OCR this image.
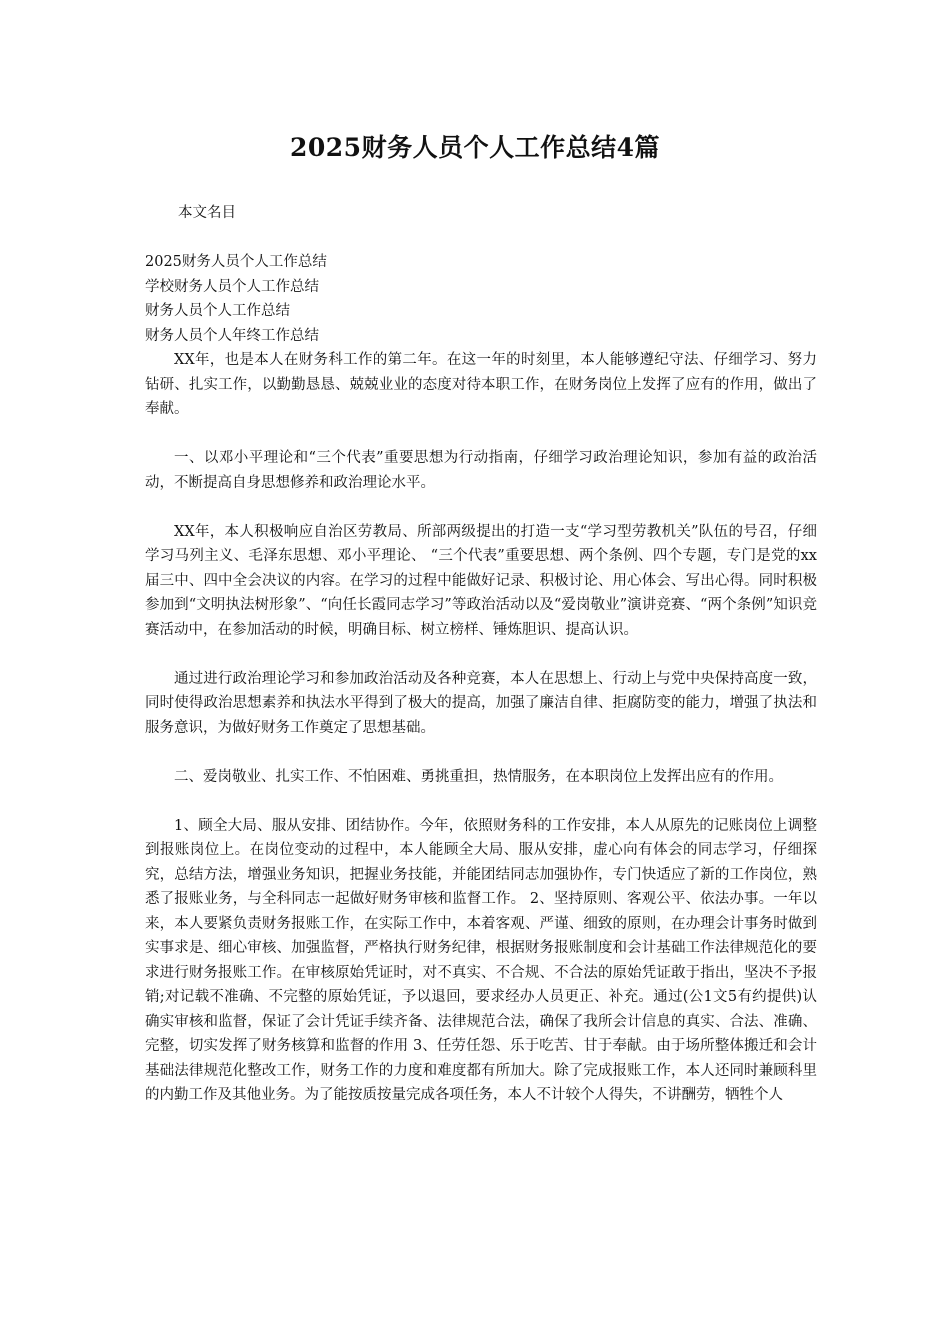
2025财务人员个人工作总结4篇
本文名目
2025财务人员个人工作总结
学校财务人员个人工作总结
财务人员个人工作总结
财务人员个人年终工作总结

XX年，也是本人在财务科工作的第二年。在这一年的时刻里，本人能够遵纪守法、仔细学习、努力钻研、扎实工作，以勤勤恳恳、兢兢业业的态度对待本职工作，在财务岗位上发挥了应有的作用，做出了奉献。

一、以邓小平理论和“三个代表”重要思想为行动指南，仔细学习政治理论知识，参加有益的政治活动，不断提高自身思想修养和政治理论水平。

XX年，本人积极响应自治区劳教局、所部两级提出的打造一支“学习型劳教机关”队伍的号召，仔细学习马列主义、毛泽东思想、邓小平理论、 “三个代表”重要思想、两个条例、四个专题，专门是党的xx届三中、四中全会决议的内容。在学习的过程中能做好记录、积极讨论、用心体会、写出心得。同时积极参加到“文明执法树形象”、“向任长霞同志学习”等政治活动以及“爱岗敬业”演讲竞赛、“两个条例”知识竞赛活动中，在参加活动的时候，明确目标、树立榜样、锤炼胆识、提高认识。

通过进行政治理论学习和参加政治活动及各种竞赛，本人在思想上、行动上与党中央保持高度一致，同时使得政治思想素养和执法水平得到了极大的提高，加强了廉洁自律、拒腐防变的能力，增强了执法和服务意识，为做好财务工作奠定了思想基础。

二、爱岗敬业、扎实工作、不怕困难、勇挑重担，热情服务，在本职岗位上发挥出应有的作用。

1、顾全大局、服从安排、团结协作。今年，依照财务科的工作安排，本人从原先的记账岗位上调整到报账岗位上。在岗位变动的过程中，本人能顾全大局、服从安排，虚心向有体会的同志学习，仔细探究，总结方法，增强业务知识，把握业务技能，并能团结同志加强协作，专门快适应了新的工作岗位，熟悉了报账业务，与全科同志一起做好财务审核和监督工作。 2、坚持原则、客观公平、依法办事。一年以来，本人要紧负责财务报账工作，在实际工作中，本着客观、严谨、细致的原则，在办理会计事务时做到实事求是、细心审核、加强监督，严格执行财务纪律，根据财务报账制度和会计基础工作法律规范化的要求进行财务报账工作。在审核原始凭证时，对不真实、不合规、不合法的原始凭证敢于指出，坚决不予报销;对记载不准确、不完整的原始凭证，予以退回，要求经办人员更正、补充。通过(公1文5有约提供)认确实审核和监督，保证了会计凭证手续齐备、法律规范合法，确保了我所会计信息的真实、合法、准确、完整，切实发挥了财务核算和监督的作用 3、任劳任怨、乐于吃苦、甘于奉献。由于场所整体搬迁和会计基础法律规范化整改工作，财务工作的力度和难度都有所加大。除了完成报账工作，本人还同时兼顾科里的内勤工作及其他业务。为了能按质按量完成各项任务，本人不计较个人得失，不讲酬劳，牺牲个人
